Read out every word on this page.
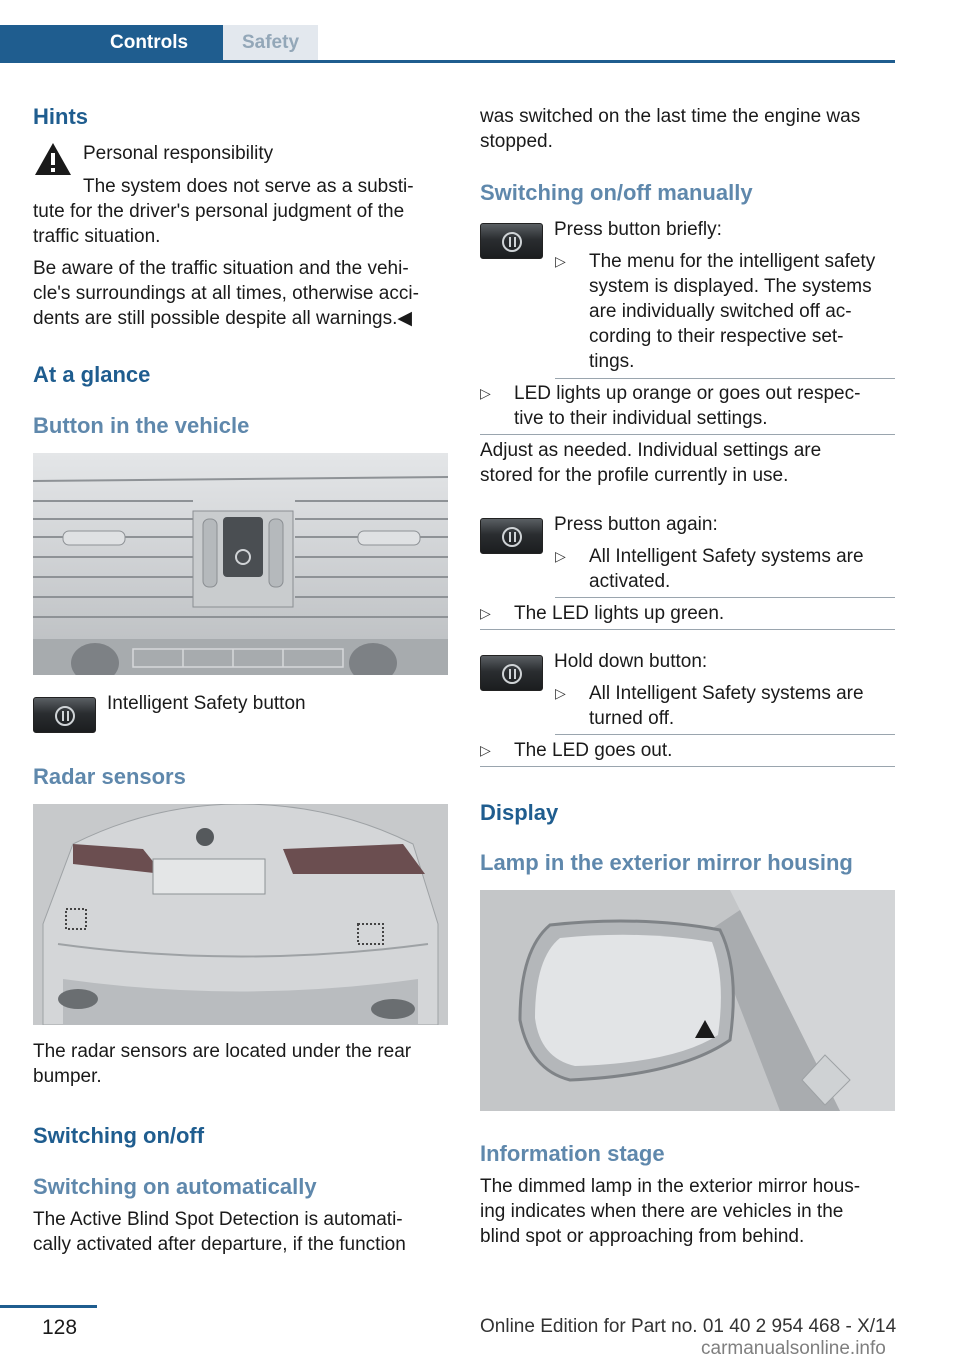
Controls	Safety
Hints
Personal responsibility
The system does not serve as a substi-
tute for the driver's personal judgment of the
traffic situation.
Be aware of the traffic situation and the vehi-
cle's surroundings at all times, otherwise acci-
dents are still possible despite all warnings.◀
At a glance
Button in the vehicle
Intelligent Safety button
Radar sensors
The radar sensors are located under the rear
bumper.
Switching on/off
Switching on automatically
The Active Blind Spot Detection is automati-
cally activated after departure, if the function
was switched on the last time the engine was
stopped.
Switching on/off manually
Press button briefly:
▷ The menu for the intelligent safety
system is displayed. The systems
are individually switched off ac-
cording to their respective set-
tings.
▷ LED lights up orange or goes out respec-
tive to their individual settings.
Adjust as needed. Individual settings are
stored for the profile currently in use.
Press button again:
▷ All Intelligent Safety systems are
activated.
▷ The LED lights up green.
Hold down button:
▷ All Intelligent Safety systems are
turned off.
▷ The LED goes out.
Display
Lamp in the exterior mirror housing
Information stage
The dimmed lamp in the exterior mirror hous-
ing indicates when there are vehicles in the
blind spot or approaching from behind.
128	Online Edition for Part no. 01 40 2 954 468 - X/14
carmanualsonline.info
